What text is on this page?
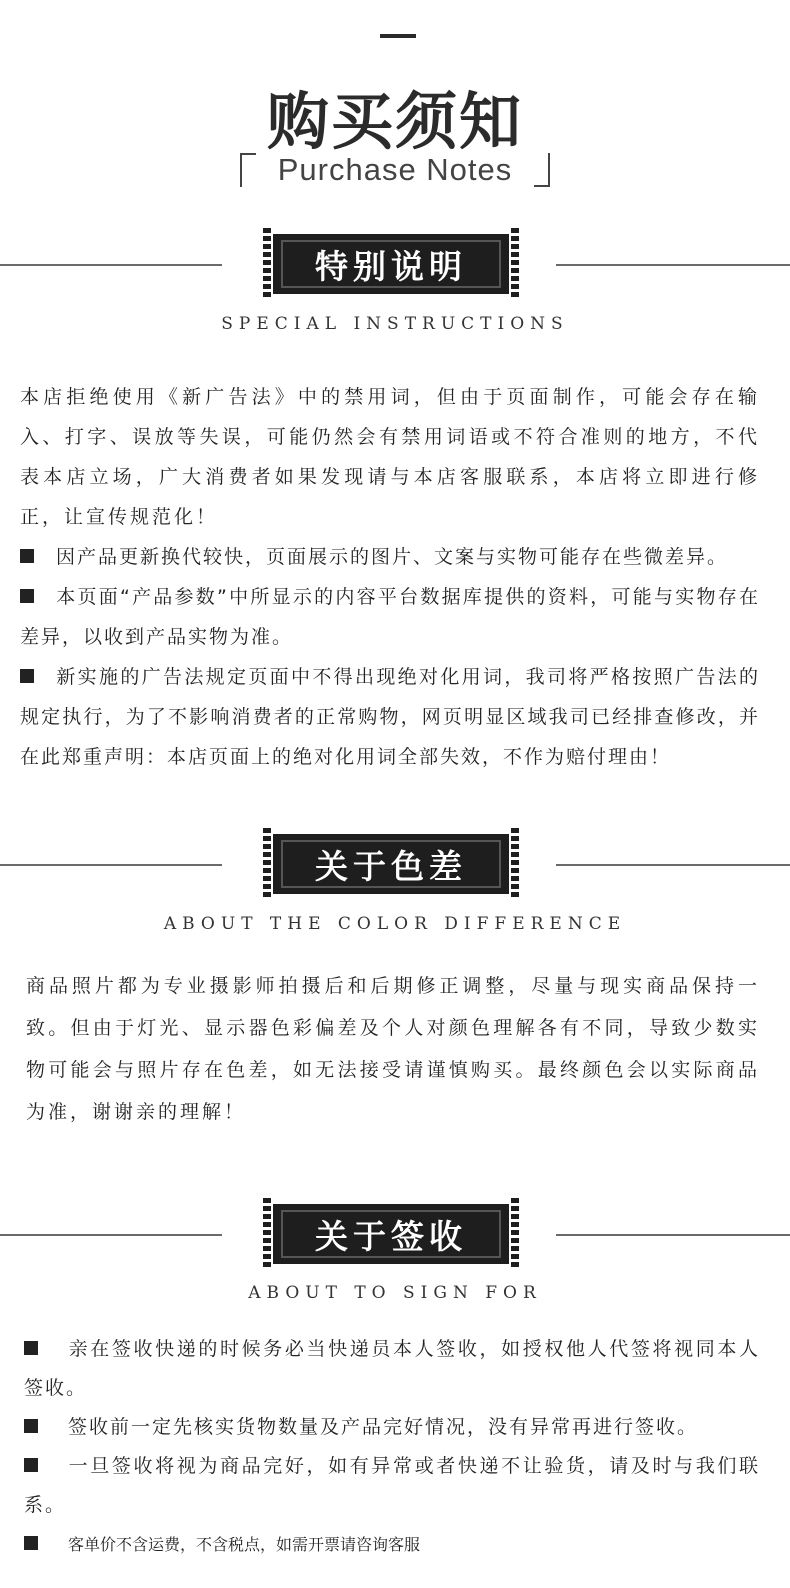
购买须知
Purchase Notes
特别说明
SPECIAL INSTRUCTIONS

本店拒绝使用《新广告法》中的禁用词，但由于页面制作，可能会存在输入、打字、误放等失误，可能仍然会有禁用词语或不符合准则的地方，不代表本店立场，广大消费者如果发现请与本店客服联系，本店将立即进行修正，让宣传规范化！

因产品更新换代较快，页面展示的图片、文案与实物可能存在些微差异。

本页面“产品参数”中所显示的内容平台数据库提供的资料，可能与实物存在差异，以收到产品实物为准。

新实施的广告法规定页面中不得出现绝对化用词，我司将严格按照广告法的规定执行，为了不影响消费者的正常购物，网页明显区域我司已经排查修改，并在此郑重声明：本店页面上的绝对化用词全部失效，不作为赔付理由！

关于色差
ABOUT THE COLOR DIFFERENCE

商品照片都为专业摄影师拍摄后和后期修正调整，尽量与现实商品保持一致。但由于灯光、显示器色彩偏差及个人对颜色理解各有不同，导致少数实物可能会与照片存在色差，如无法接受请谨慎购买。最终颜色会以实际商品为准，谢谢亲的理解！

关于签收
ABOUT TO SIGN FOR

亲在签收快递的时候务必当快递员本人签收，如授权他人代签将视同本人签收。

签收前一定先核实货物数量及产品完好情况，没有异常再进行签收。

一旦签收将视为商品完好，如有异常或者快递不让验货，请及时与我们联系。

客单价不含运费，不含税点，如需开票请咨询客服
